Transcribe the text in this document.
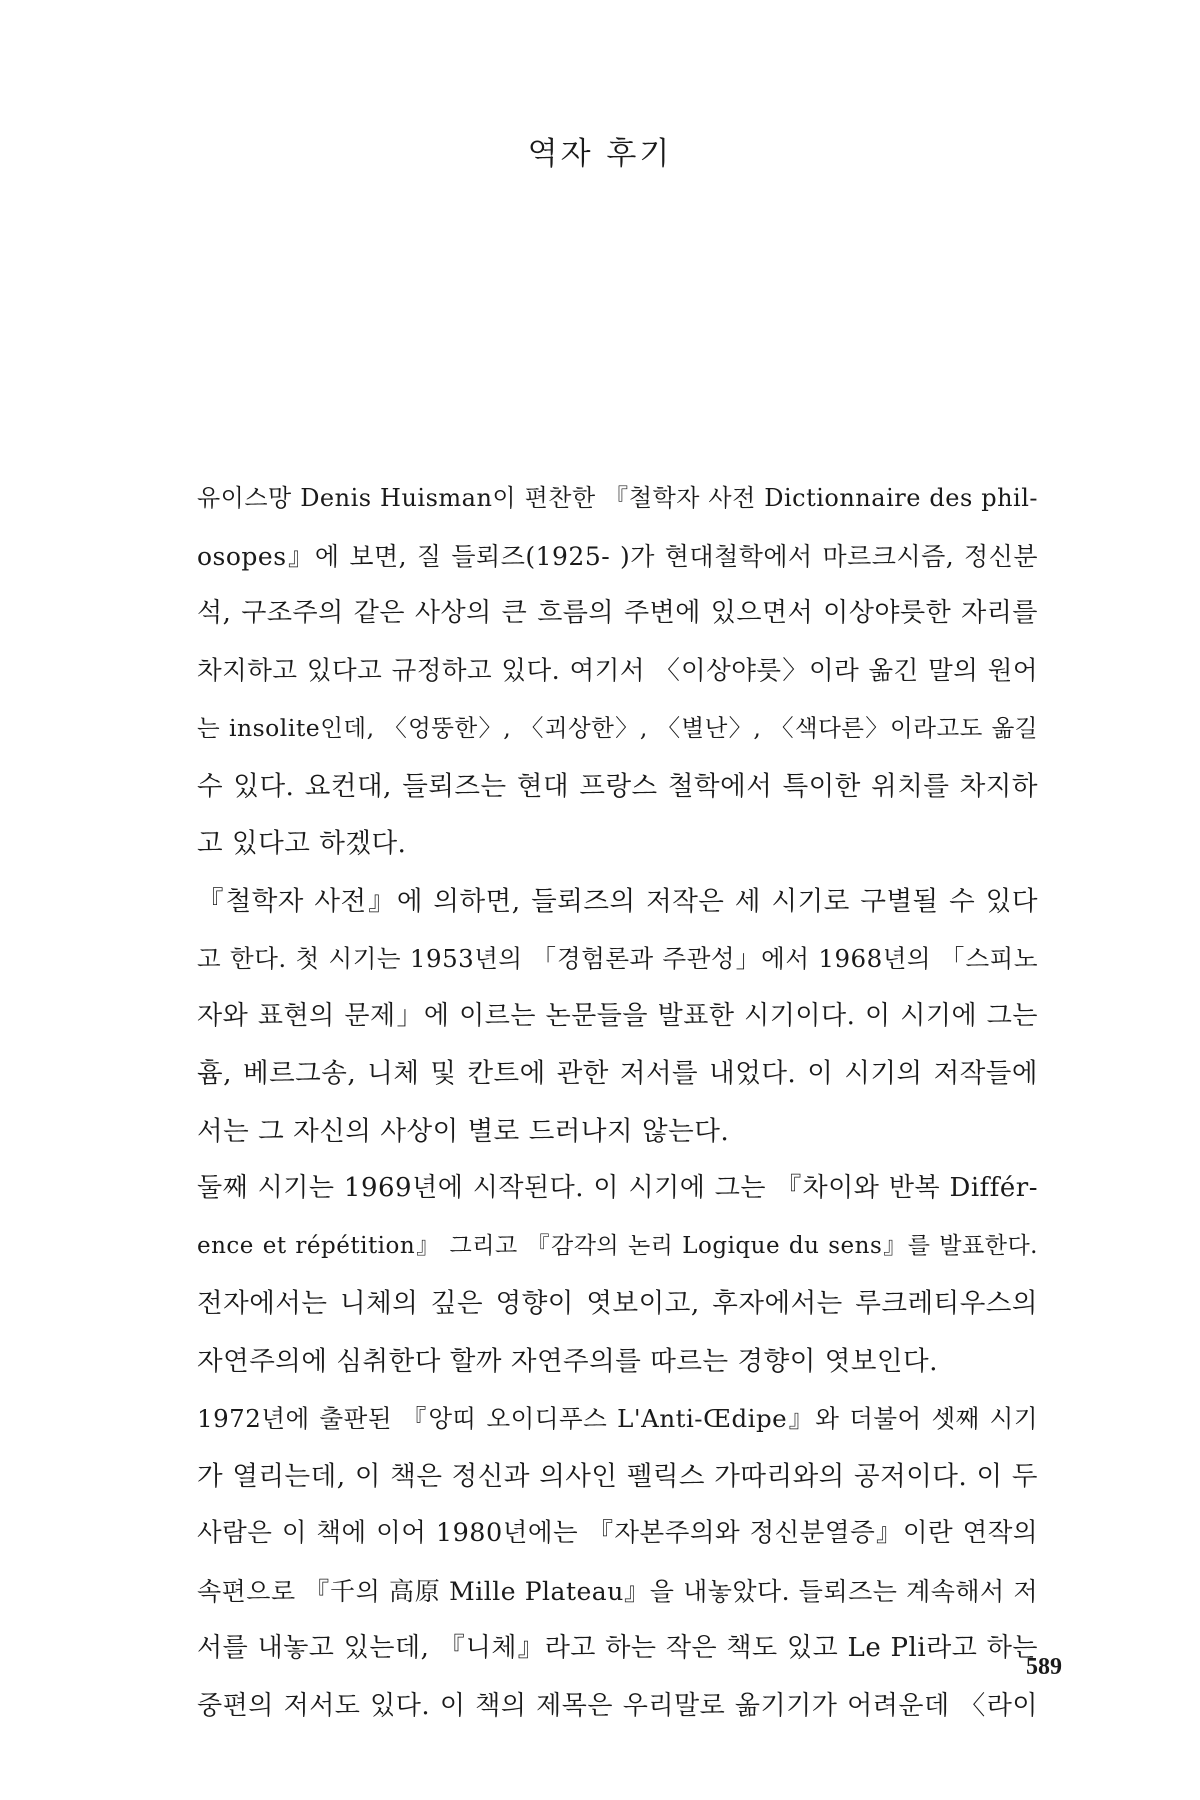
역자 후기

유이스망 Denis Huisman이 편찬한 『철학자 사전 Dictionnaire des phil-
osopes』에 보면, 질 들뢰즈(1925- )가 현대철학에서 마르크시즘, 정신분
석, 구조주의 같은 사상의 큰 흐름의 주변에 있으면서 이상야릇한 자리를
차지하고 있다고 규정하고 있다. 여기서 〈이상야릇〉이라 옮긴 말의 원어
는 insolite인데, 〈엉뚱한〉, 〈괴상한〉, 〈별난〉, 〈색다른〉이라고도 옮길
수 있다. 요컨대, 들뢰즈는 현대 프랑스 철학에서 특이한 위치를 차지하
고 있다고 하겠다.

『철학자 사전』에 의하면, 들뢰즈의 저작은 세 시기로 구별될 수 있다
고 한다. 첫 시기는 1953년의 「경험론과 주관성」에서 1968년의 「스피노
자와 표현의 문제」에 이르는 논문들을 발표한 시기이다. 이 시기에 그는
흄, 베르그송, 니체 및 칸트에 관한 저서를 내었다. 이 시기의 저작들에
서는 그 자신의 사상이 별로 드러나지 않는다.

둘째 시기는 1969년에 시작된다. 이 시기에 그는 『차이와 반복 Différ-
ence et répétition』 그리고 『감각의 논리 Logique du sens』를 발표한다.
전자에서는 니체의 깊은 영향이 엿보이고, 후자에서는 루크레티우스의
자연주의에 심취한다 할까 자연주의를 따르는 경향이 엿보인다.

1972년에 출판된 『앙띠 오이디푸스 L'Anti-Œdipe』와 더불어 셋째 시기
가 열리는데, 이 책은 정신과 의사인 펠릭스 가따리와의 공저이다. 이 두
사람은 이 책에 이어 1980년에는 『자본주의와 정신분열증』이란 연작의
속편으로 『千의 高原 Mille Plateau』을 내놓았다. 들뢰즈는 계속해서 저
서를 내놓고 있는데, 『니체』라고 하는 작은 책도 있고 Le Pli라고 하는
중편의 저서도 있다. 이 책의 제목은 우리말로 옮기기가 어려운데 〈라이

589
